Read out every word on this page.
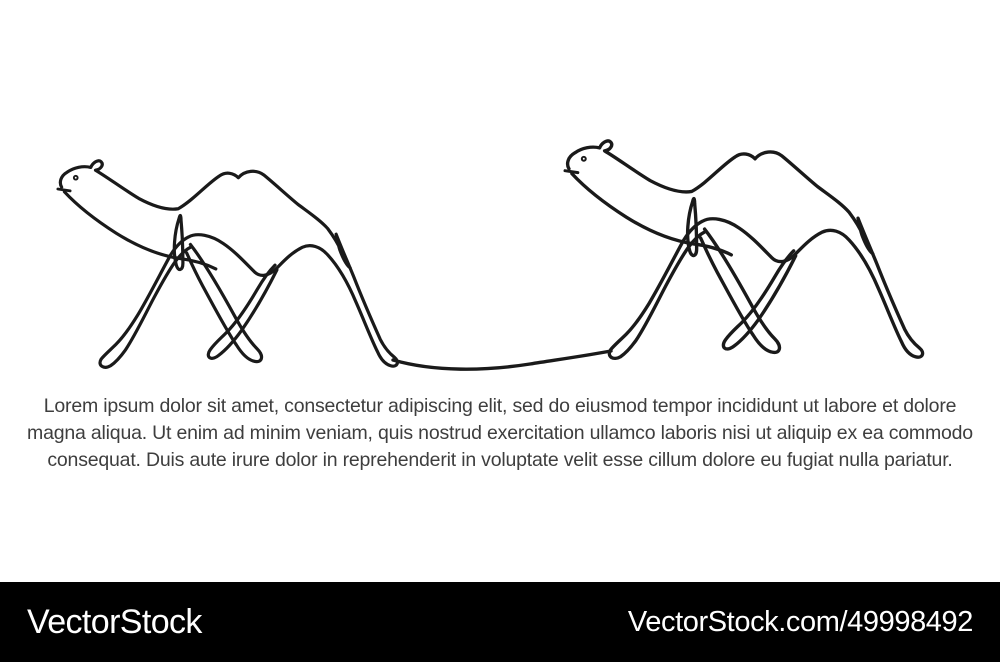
Lorem ipsum dolor sit amet, consectetur adipiscing elit, sed do eiusmod tempor incididunt ut labore et dolore
magna aliqua. Ut enim ad minim veniam, quis nostrud exercitation ullamco laboris nisi ut aliquip ex ea commodo
consequat. Duis aute irure dolor in reprehenderit in voluptate velit esse cillum dolore eu fugiat nulla pariatur.
VectorStock	VectorStock.com/49998492
